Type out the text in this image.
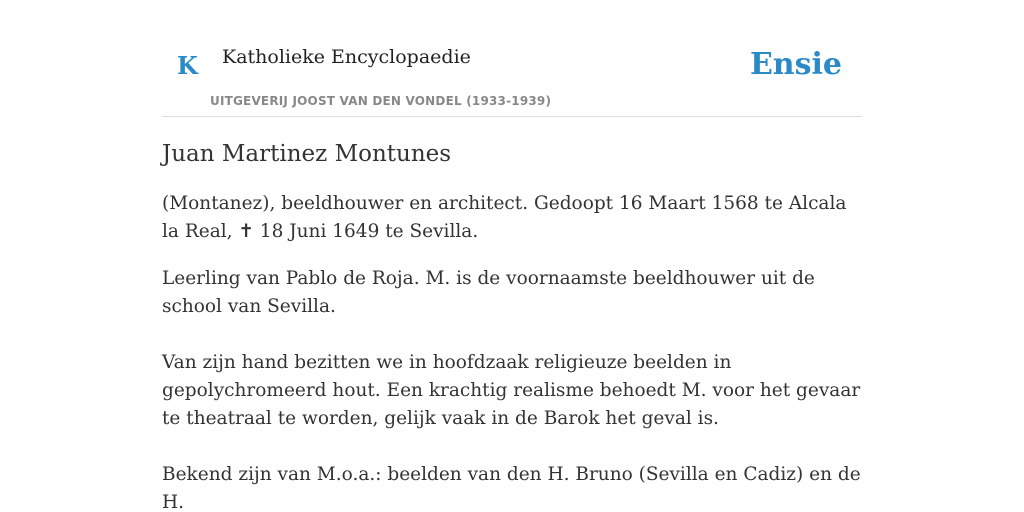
K Katholieke Encyclopaedie
UITGEVERIJ JOOST VAN DEN VONDEL (1933-1939)
Ensie
Juan Martinez Montunes

(Montanez), beeldhouwer en architect. Gedoopt 16 Maart 1568 te Alcala la Real, ✝ 18 Juni 1649 te Sevilla.

Leerling van Pablo de Roja. M. is de voornaamste beeldhouwer uit de school van Sevilla.

Van zijn hand bezitten we in hoofdzaak religieuze beelden in gepolychromeerd hout. Een krachtig realisme behoedt M. voor het gevaar te theatraal te worden, gelijk vaak in de Barok het geval is.

Bekend zijn van M.o.a.: beelden van den H. Bruno (Sevilla en Cadiz) en de H.
